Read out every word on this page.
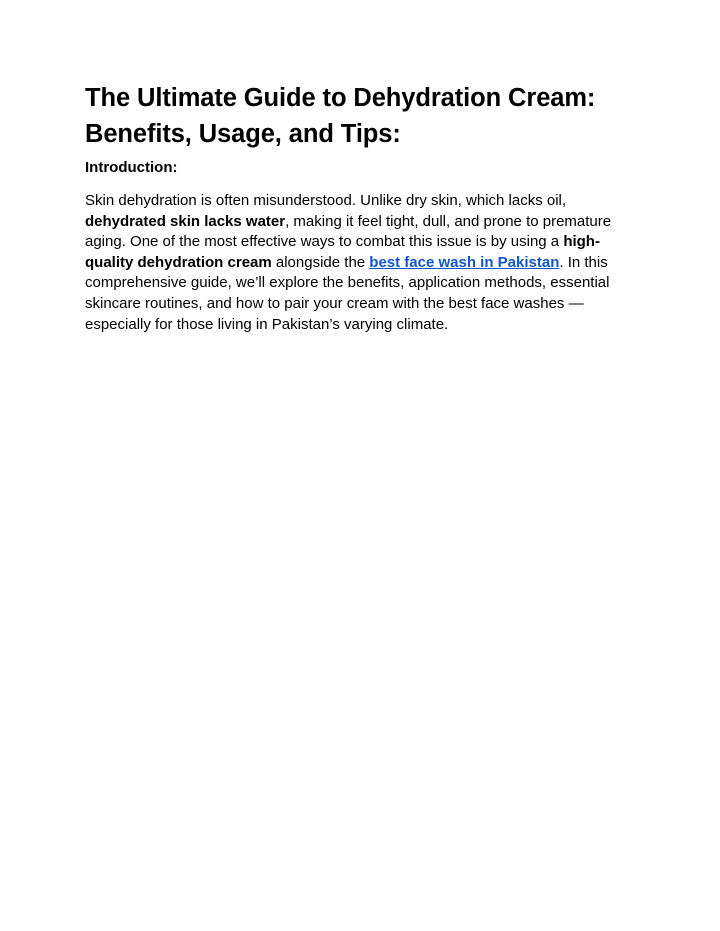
The Ultimate Guide to Dehydration Cream: Benefits, Usage, and Tips:
Introduction:

Skin dehydration is often misunderstood. Unlike dry skin, which lacks oil, dehydrated skin lacks water, making it feel tight, dull, and prone to premature aging. One of the most effective ways to combat this issue is by using a high-quality dehydration cream alongside the best face wash in Pakistan. In this comprehensive guide, we’ll explore the benefits, application methods, essential skincare routines, and how to pair your cream with the best face washes — especially for those living in Pakistan’s varying climate.
